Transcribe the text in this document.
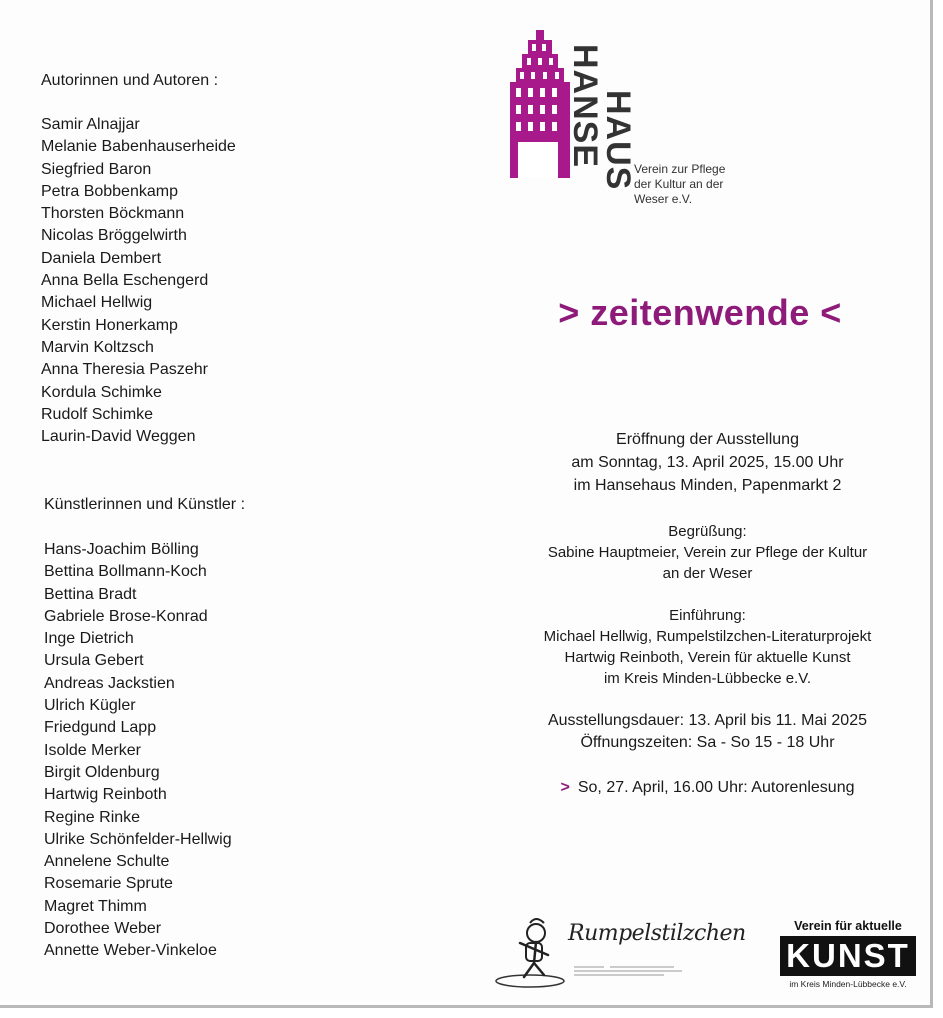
Autorinnen und Autoren :

Samir Alnajjar
Melanie Babenhauserheide
Siegfried Baron
Petra Bobbenkamp
Thorsten Böckmann
Nicolas Bröggelwirth
Daniela Dembert
Anna Bella Eschengerd
Michael Hellwig
Kerstin Honerkamp
Marvin Koltzsch
Anna Theresia Paszehr
Kordula Schimke
Rudolf Schimke
Laurin-David Weggen

Künstlerinnen und Künstler :

Hans-Joachim Bölling
Bettina Bollmann-Koch
Bettina Bradt
Gabriele Brose-Konrad
Inge Dietrich
Ursula Gebert
Andreas Jackstien
Ulrich Kügler
Friedgund Lapp
Isolde Merker
Birgit Oldenburg
Hartwig Reinboth
Regine Rinke
Ulrike Schönfelder-Hellwig
Annelene Schulte
Rosemarie Sprute
Magret Thimm
Dorothee Weber
Annette Weber-Vinkeloe
HANSE
HAUS
Verein zur Pflege
der Kultur an der
Weser e.V.
> zeitenwende <

Eröffnung der Ausstellung

am Sonntag, 13. April 2025, 15.00 Uhr

im Hansehaus Minden, Papenmarkt 2

Begrüßung:

Sabine Hauptmeier, Verein zur Pflege der Kultur

an der Weser

Einführung:

Michael Hellwig, Rumpelstilzchen-Literaturprojekt

Hartwig Reinboth, Verein für aktuelle Kunst

im Kreis Minden-Lübbecke e.V.

Ausstellungsdauer: 13. April bis 11. Mai 2025

Öffnungszeiten: Sa - So 15 - 18 Uhr

> So, 27. April, 16.00 Uhr: Autorenlesung

Rumpelstilzchen	Verein für aktuelle
KUNST
im Kreis Minden-Lübbecke e.V.
